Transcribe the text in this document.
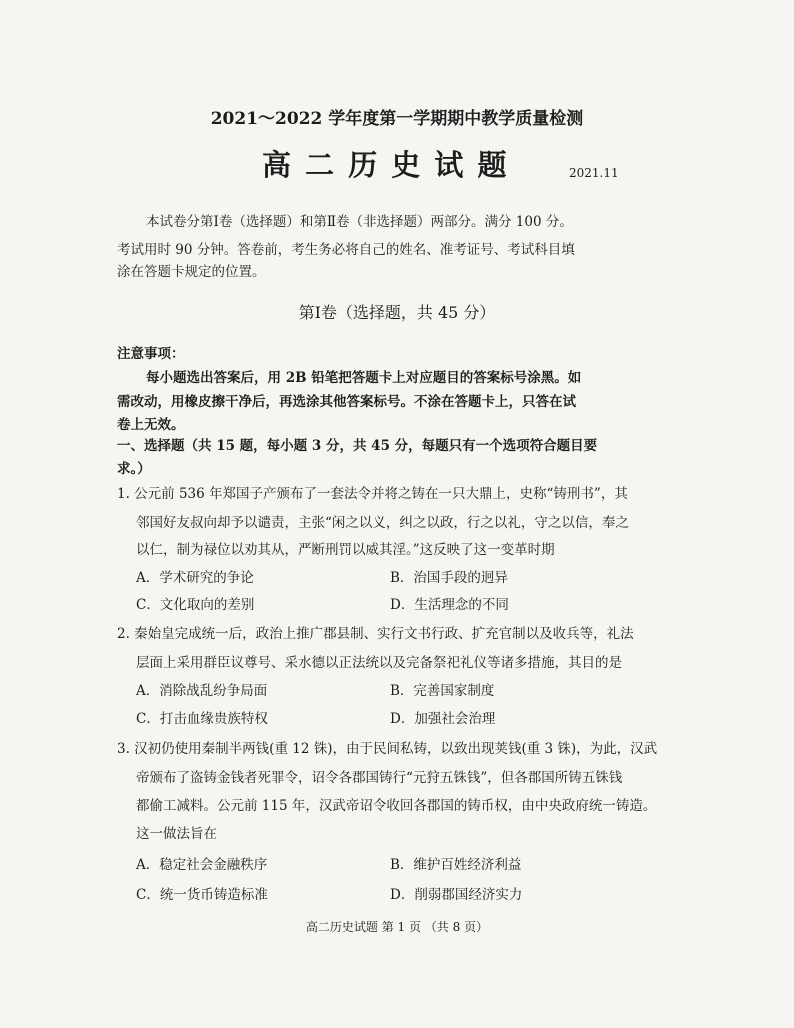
2021～2022 学年度第一学期期中教学质量检测
高 二 历 史 试 题	2021.11
本试卷分第Ⅰ卷（选择题）和第Ⅱ卷（非选择题）两部分。满分 100 分。
考试用时 90 分钟。答卷前，考生务必将自己的姓名、准考证号、考试科目填
涂在答题卡规定的位置。
第Ⅰ卷（选择题，共 45 分）
注意事项：
每小题选出答案后，用 2B 铅笔把答题卡上对应题目的答案标号涂黑。如
需改动，用橡皮擦干净后，再选涂其他答案标号。不涂在答题卡上，只答在试
卷上无效。
一、选择题（共 15 题，每小题 3 分，共 45 分，每题只有一个选项符合题目要
求。）
1. 公元前 536 年郑国子产颁布了一套法令并将之铸在一只大鼎上，史称“铸刑书”，其
邻国好友叔向却予以谴责，主张“闲之以义，纠之以政，行之以礼，守之以信，奉之
以仁，制为禄位以劝其从，严断刑罚以威其淫。”这反映了这一变革时期
A．学术研究的争论	B．治国手段的迥异
C．文化取向的差别	D．生活理念的不同
2. 秦始皇完成统一后，政治上推广郡县制、实行文书行政、扩充官制以及收兵等，礼法
层面上采用群臣议尊号、采水德以正法统以及完备祭祀礼仪等诸多措施，其目的是
A．消除战乱纷争局面	B．完善国家制度
C．打击血缘贵族特权	D．加强社会治理
3. 汉初仍使用秦制半两钱(重 12 铢)，由于民间私铸，以致出现荚钱(重 3 铢)，为此，汉武
帝颁布了盗铸金钱者死罪令，诏令各郡国铸行“元狩五铢钱”，但各郡国所铸五铢钱
都偷工减料。公元前 115 年，汉武帝诏令收回各郡国的铸币权，由中央政府统一铸造。
这一做法旨在
A．稳定社会金融秩序	B．维护百姓经济利益
C．统一货币铸造标准	D．削弱郡国经济实力
高二历史试题 第 1 页 （共 8 页）
